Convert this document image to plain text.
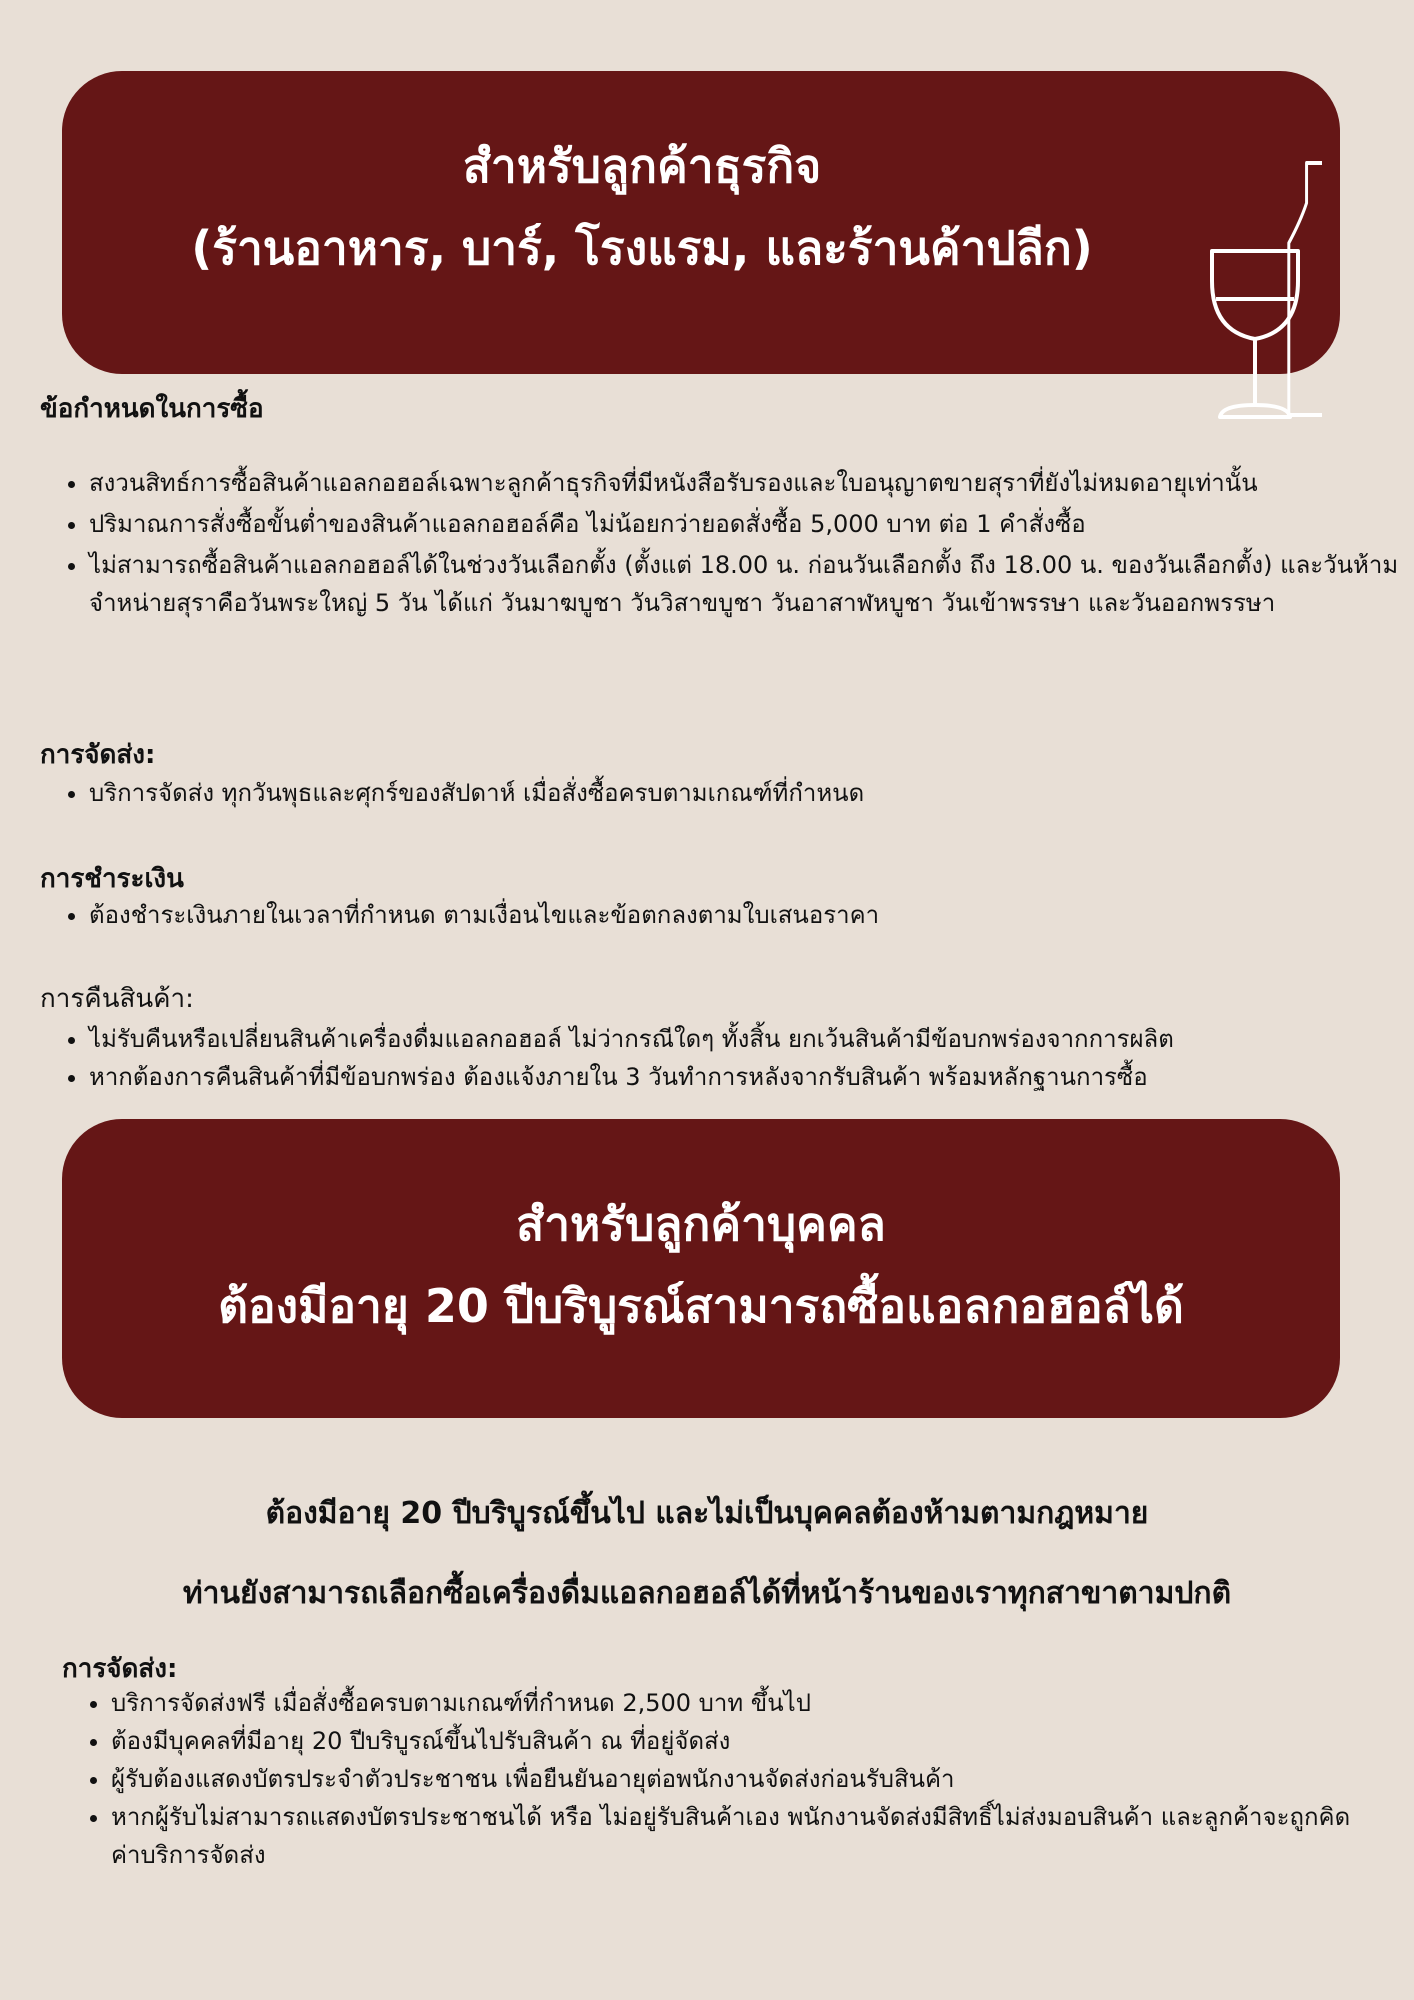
สำหรับลูกค้าธุรกิจ
(ร้านอาหาร, บาร์, โรงแรม, และร้านค้าปลีก)
ข้อกำหนดในการซื้อ
• สงวนสิทธ์การซื้อสินค้าแอลกอฮอล์เฉพาะลูกค้าธุรกิจที่มีหนังสือรับรองและใบอนุญาตขายสุราที่ยังไม่หมดอายุเท่านั้น
• ปริมาณการสั่งซื้อขั้นต่ำของสินค้าแอลกอฮอล์คือ ไม่น้อยกว่ายอดสั่งซื้อ 5,000 บาท ต่อ 1 คำสั่งซื้อ
• ไม่สามารถซื้อสินค้าแอลกอฮอล์ได้ในช่วงวันเลือกตั้ง (ตั้งแต่ 18.00 น. ก่อนวันเลือกตั้ง ถึง 18.00 น. ของวันเลือกตั้ง) และวันห้ามจำหน่ายสุราคือวันพระใหญ่ 5 วัน ได้แก่ วันมาฆบูชา วันวิสาขบูชา วันอาสาฬหบูชา วันเข้าพรรษา และวันออกพรรษา
การจัดส่ง:
• บริการจัดส่ง ทุกวันพุธและศุกร์ของสัปดาห์ เมื่อสั่งซื้อครบตามเกณฑ์ที่กำหนด
การชำระเงิน
• ต้องชำระเงินภายในเวลาที่กำหนด ตามเงื่อนไขและข้อตกลงตามใบเสนอราคา
การคืนสินค้า:
• ไม่รับคืนหรือเปลี่ยนสินค้าเครื่องดื่มแอลกอฮอล์ ไม่ว่ากรณีใดๆ ทั้งสิ้น ยกเว้นสินค้ามีข้อบกพร่องจากการผลิต
• หากต้องการคืนสินค้าที่มีข้อบกพร่อง ต้องแจ้งภายใน 3 วันทำการหลังจากรับสินค้า พร้อมหลักฐานการซื้อ
สำหรับลูกค้าบุคคล
ต้องมีอายุ 20 ปีบริบูรณ์สามารถซื้อแอลกอฮอล์ได้
ต้องมีอายุ 20 ปีบริบูรณ์ขึ้นไป และไม่เป็นบุคคลต้องห้ามตามกฎหมาย
ท่านยังสามารถเลือกซื้อเครื่องดื่มแอลกอฮอล์ได้ที่หน้าร้านของเราทุกสาขาตามปกติ
การจัดส่ง:
• บริการจัดส่งฟรี เมื่อสั่งซื้อครบตามเกณฑ์ที่กำหนด 2,500 บาท ขึ้นไป
• ต้องมีบุคคลที่มีอายุ 20 ปีบริบูรณ์ขึ้นไปรับสินค้า ณ ที่อยู่จัดส่ง
• ผู้รับต้องแสดงบัตรประจำตัวประชาชน เพื่อยืนยันอายุต่อพนักงานจัดส่งก่อนรับสินค้า
• หากผู้รับไม่สามารถแสดงบัตรประชาชนได้ หรือ ไม่อยู่รับสินค้าเอง พนักงานจัดส่งมีสิทธิ์ไม่ส่งมอบสินค้า และลูกค้าจะถูกคิดค่าบริการจัดส่ง
